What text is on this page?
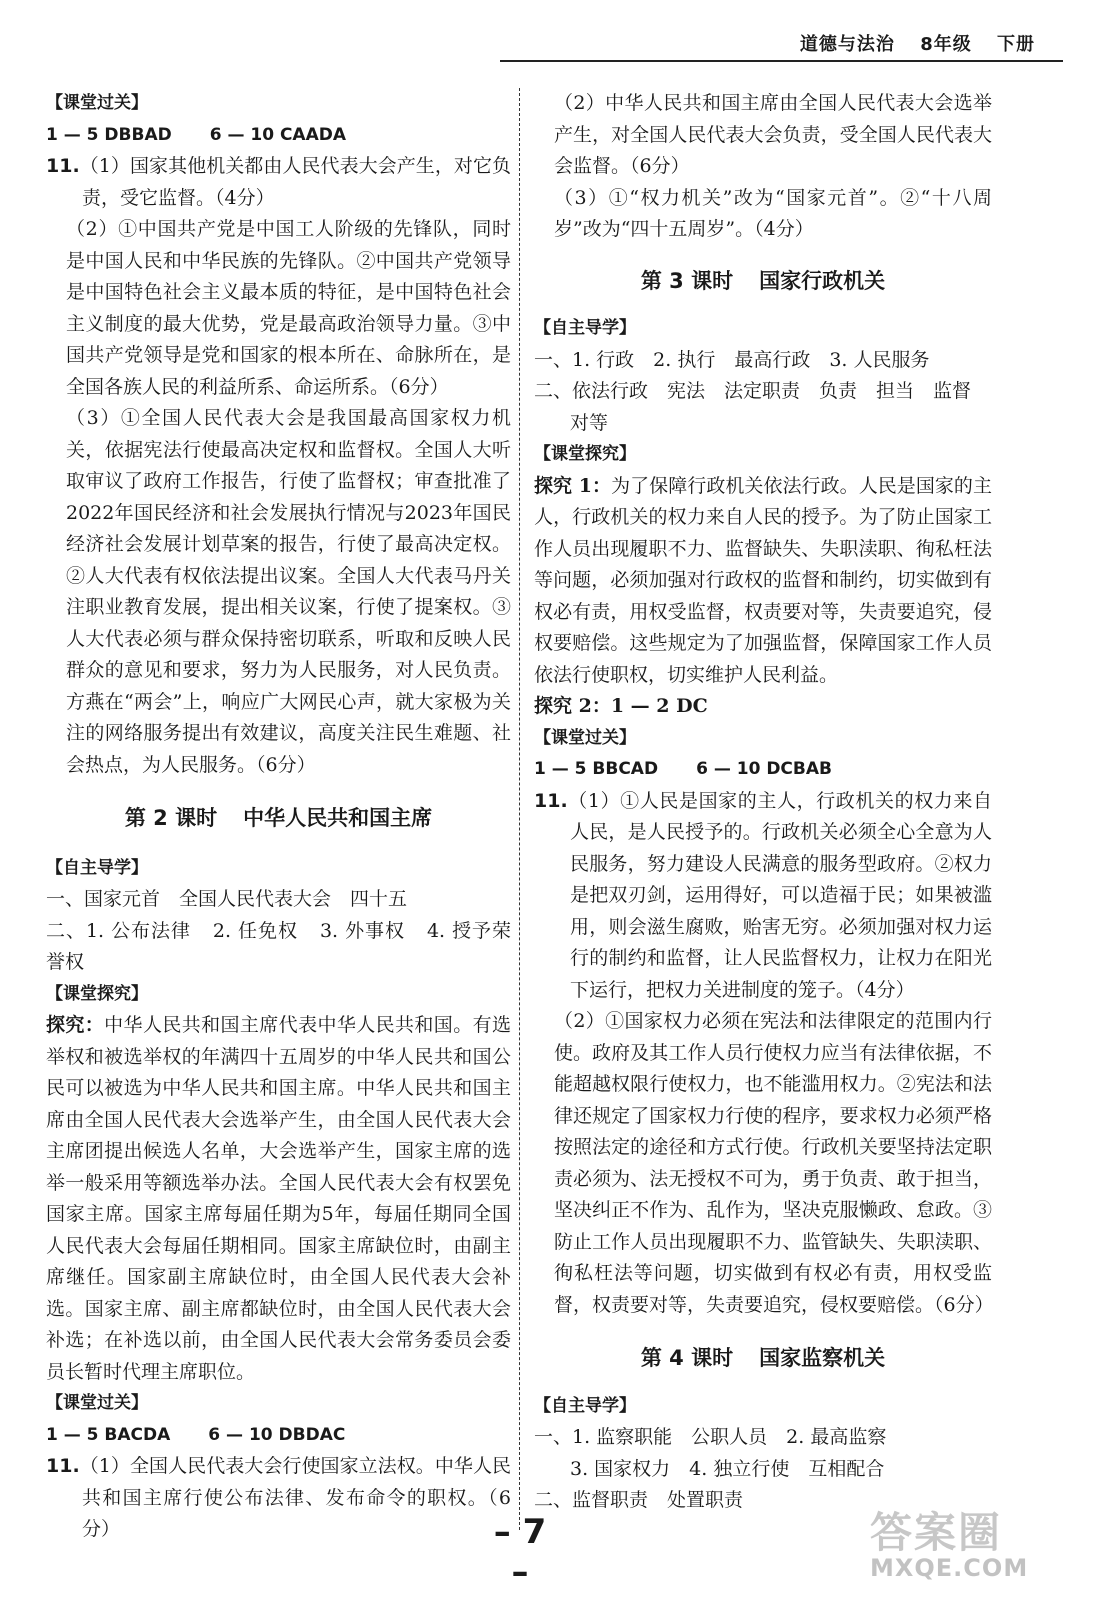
道德与法治 8年级 下册

【课堂过关】

1 — 5 DBBAD 6 — 10 CAADA

11.（1）国家其他机关都由人民代表大会产生，对它负责，受它监督。（4分）

（2）①中国共产党是中国工人阶级的先锋队，同时是中国人民和中华民族的先锋队。②中国共产党领导是中国特色社会主义最本质的特征，是中国特色社会主义制度的最大优势，党是最高政治领导力量。③中国共产党领导是党和国家的根本所在、命脉所在，是全国各族人民的利益所系、命运所系。（6分）

（3）①全国人民代表大会是我国最高国家权力机关，依据宪法行使最高决定权和监督权。全国人大听取审议了政府工作报告，行使了监督权；审查批准了2022年国民经济和社会发展执行情况与2023年国民经济社会发展计划草案的报告，行使了最高决定权。②人大代表有权依法提出议案。全国人大代表马丹关注职业教育发展，提出相关议案，行使了提案权。③人大代表必须与群众保持密切联系，听取和反映人民群众的意见和要求，努力为人民服务，对人民负责。方燕在“两会”上，响应广大网民心声，就大家极为关注的网络服务提出有效建议，高度关注民生难题、社会热点，为人民服务。（6分）

第 2 课时 中华人民共和国主席

【自主导学】

一、国家元首　全国人民代表大会　四十五

二、1. 公布法律 2. 任免权 3. 外事权 4. 授予荣誉权

【课堂探究】

探究：中华人民共和国主席代表中华人民共和国。有选举权和被选举权的年满四十五周岁的中华人民共和国公民可以被选为中华人民共和国主席。中华人民共和国主席由全国人民代表大会选举产生，由全国人民代表大会主席团提出候选人名单，大会选举产生，国家主席的选举一般采用等额选举办法。全国人民代表大会有权罢免国家主席。国家主席每届任期为5年，每届任期同全国人民代表大会每届任期相同。国家主席缺位时，由副主席继任。国家副主席缺位时，由全国人民代表大会补选。国家主席、副主席都缺位时，由全国人民代表大会补选；在补选以前，由全国人民代表大会常务委员会委员长暂时代理主席职位。

【课堂过关】

1 — 5 BACDA 6 — 10 DBDAC

11.（1）全国人民代表大会行使国家立法权。中华人民共和国主席行使公布法律、发布命令的职权。（6分）

（2）中华人民共和国主席由全国人民代表大会选举产生，对全国人民代表大会负责，受全国人民代表大会监督。（6分）

（3）①“权力机关”改为“国家元首”。②“十八周岁”改为“四十五周岁”。（4分）

第 3 课时 国家行政机关

【自主导学】

一、1. 行政　2. 执行　最高行政　3. 人民服务

二、依法行政　宪法　法定职责　负责　担当　监督

对等

【课堂探究】

探究 1：为了保障行政机关依法行政。人民是国家的主人，行政机关的权力来自人民的授予。为了防止国家工作人员出现履职不力、监督缺失、失职渎职、徇私枉法等问题，必须加强对行政权的监督和制约，切实做到有权必有责，用权受监督，权责要对等，失责要追究，侵权要赔偿。这些规定为了加强监督，保障国家工作人员依法行使职权，切实维护人民利益。

探究 2：1 — 2 DC

【课堂过关】

1 — 5 BBCAD 6 — 10 DCBAB

11.（1）①人民是国家的主人，行政机关的权力来自人民，是人民授予的。行政机关必须全心全意为人民服务，努力建设人民满意的服务型政府。②权力是把双刃剑，运用得好，可以造福于民；如果被滥用，则会滋生腐败，贻害无穷。必须加强对权力运行的制约和监督，让人民监督权力，让权力在阳光下运行，把权力关进制度的笼子。（4分）

（2）①国家权力必须在宪法和法律限定的范围内行使。政府及其工作人员行使权力应当有法律依据，不能超越权限行使权力，也不能滥用权力。②宪法和法律还规定了国家权力行使的程序，要求权力必须严格按照法定的途径和方式行使。行政机关要坚持法定职责必须为、法无授权不可为，勇于负责、敢于担当，坚决纠正不作为、乱作为，坚决克服懒政、怠政。③防止工作人员出现履职不力、监管缺失、失职渎职、徇私枉法等问题，切实做到有权必有责，用权受监督，权责要对等，失责要追究，侵权要赔偿。（6分）

第 4 课时 国家监察机关

【自主导学】

一、1. 监察职能　公职人员　2. 最高监察

3. 国家权力　4. 独立行使　互相配合

二、监督职责　处置职责

– 7 –
答案圈
MXQE.COM
